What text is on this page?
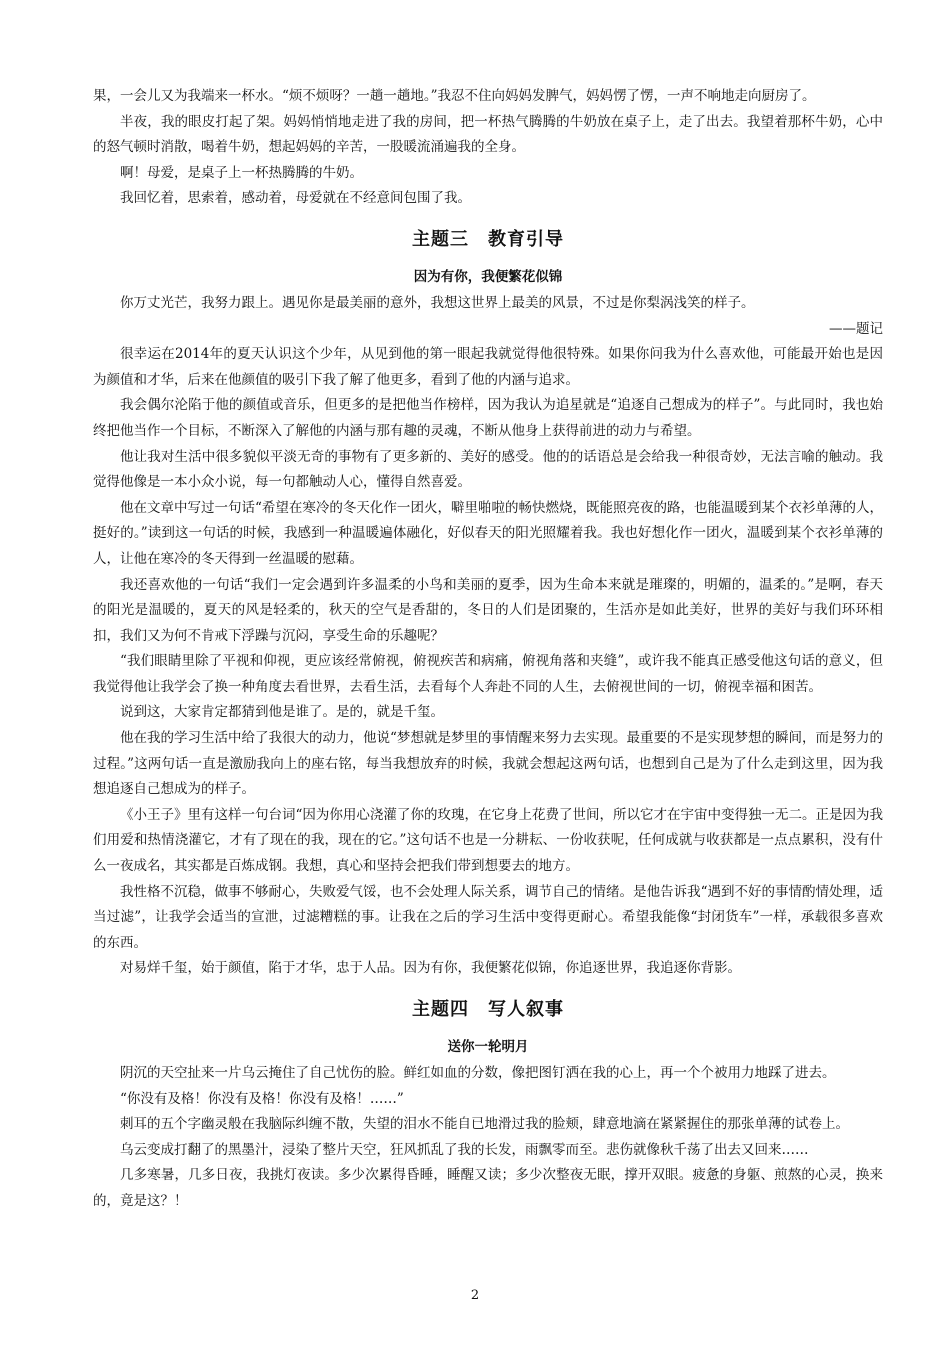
果，一会儿又为我端来一杯水。“烦不烦呀？一趟一趟地。”我忍不住向妈妈发脾气，妈妈愣了愣，一声不响地走向厨房了。

半夜，我的眼皮打起了架。妈妈悄悄地走进了我的房间，把一杯热气腾腾的牛奶放在桌子上，走了出去。我望着那杯牛奶，心中的怒气顿时消散，喝着牛奶，想起妈妈的辛苦，一股暖流涌遍我的全身。

啊！母爱，是桌子上一杯热腾腾的牛奶。

我回忆着，思索着，感动着，母爱就在不经意间包围了我。

主题三　教育引导
因为有你，我便繁花似锦

你万丈光芒，我努力跟上。遇见你是最美丽的意外，我想这世界上最美的风景，不过是你梨涡浅笑的样子。

——题记

很幸运在2014年的夏天认识这个少年，从见到他的第一眼起我就觉得他很特殊。如果你问我为什么喜欢他，可能最开始也是因为颜值和才华，后来在他颜值的吸引下我了解了他更多，看到了他的内涵与追求。

我会偶尔沦陷于他的颜值或音乐，但更多的是把他当作榜样，因为我认为追星就是“追逐自己想成为的样子”。与此同时，我也始终把他当作一个目标，不断深入了解他的内涵与那有趣的灵魂，不断从他身上获得前进的动力与希望。

他让我对生活中很多貌似平淡无奇的事物有了更多新的、美好的感受。他的的话语总是会给我一种很奇妙，无法言喻的触动。我觉得他像是一本小众小说，每一句都触动人心，懂得自然喜爱。

他在文章中写过一句话“希望在寒冷的冬天化作一团火，噼里啪啦的畅快燃烧，既能照亮夜的路，也能温暖到某个衣衫单薄的人，挺好的。”读到这一句话的时候，我感到一种温暖遍体融化，好似春天的阳光照耀着我。我也好想化作一团火，温暖到某个衣衫单薄的人，让他在寒冷的冬天得到一丝温暖的慰藉。

我还喜欢他的一句话“我们一定会遇到许多温柔的小鸟和美丽的夏季，因为生命本来就是璀璨的，明媚的，温柔的。”是啊，春天的阳光是温暖的，夏天的风是轻柔的，秋天的空气是香甜的，冬日的人们是团聚的，生活亦是如此美好，世界的美好与我们环环相扣，我们又为何不肯戒下浮躁与沉闷，享受生命的乐趣呢？

“我们眼睛里除了平视和仰视，更应该经常俯视，俯视疾苦和病痛，俯视角落和夹缝”，或许我不能真正感受他这句话的意义，但我觉得他让我学会了换一种角度去看世界，去看生活，去看每个人奔赴不同的人生，去俯视世间的一切，俯视幸福和困苦。

说到这，大家肯定都猜到他是谁了。是的，就是千玺。

他在我的学习生活中给了我很大的动力，他说“梦想就是梦里的事情醒来努力去实现。最重要的不是实现梦想的瞬间，而是努力的过程。”这两句话一直是激励我向上的座右铭，每当我想放弃的时候，我就会想起这两句话，也想到自己是为了什么走到这里，因为我想追逐自己想成为的样子。

《小王子》里有这样一句台词“因为你用心浇灌了你的玫瑰，在它身上花费了世间，所以它才在宇宙中变得独一无二。正是因为我们用爱和热情浇灌它，才有了现在的我，现在的它。”这句话不也是一分耕耘、一份收获呢，任何成就与收获都是一点点累积，没有什么一夜成名，其实都是百炼成钢。我想，真心和坚持会把我们带到想要去的地方。

我性格不沉稳，做事不够耐心，失败爱气馁，也不会处理人际关系，调节自己的情绪。是他告诉我“遇到不好的事情酌情处理，适当过滤”，让我学会适当的宣泄，过滤糟糕的事。让我在之后的学习生活中变得更耐心。希望我能像“封闭货车”一样，承载很多喜欢的东西。

对易烊千玺，始于颜值，陷于才华，忠于人品。因为有你，我便繁花似锦，你追逐世界，我追逐你背影。

主题四　写人叙事
送你一轮明月

阴沉的天空扯来一片乌云掩住了自己忧伤的脸。鲜红如血的分数，像把图钉洒在我的心上，再一个个被用力地踩了进去。

“你没有及格！你没有及格！你没有及格！……”

刺耳的五个字幽灵般在我脑际纠缠不散，失望的泪水不能自已地滑过我的脸颊，肆意地滴在紧紧握住的那张单薄的试卷上。

乌云变成打翻了的黑墨汁，浸染了整片天空，狂风抓乱了我的长发，雨飘零而至。悲伤就像秋千荡了出去又回来……

几多寒暑，几多日夜，我挑灯夜读。多少次累得昏睡，睡醒又读；多少次整夜无眠，撑开双眼。疲惫的身躯、煎熬的心灵，换来的，竟是这？！

2
